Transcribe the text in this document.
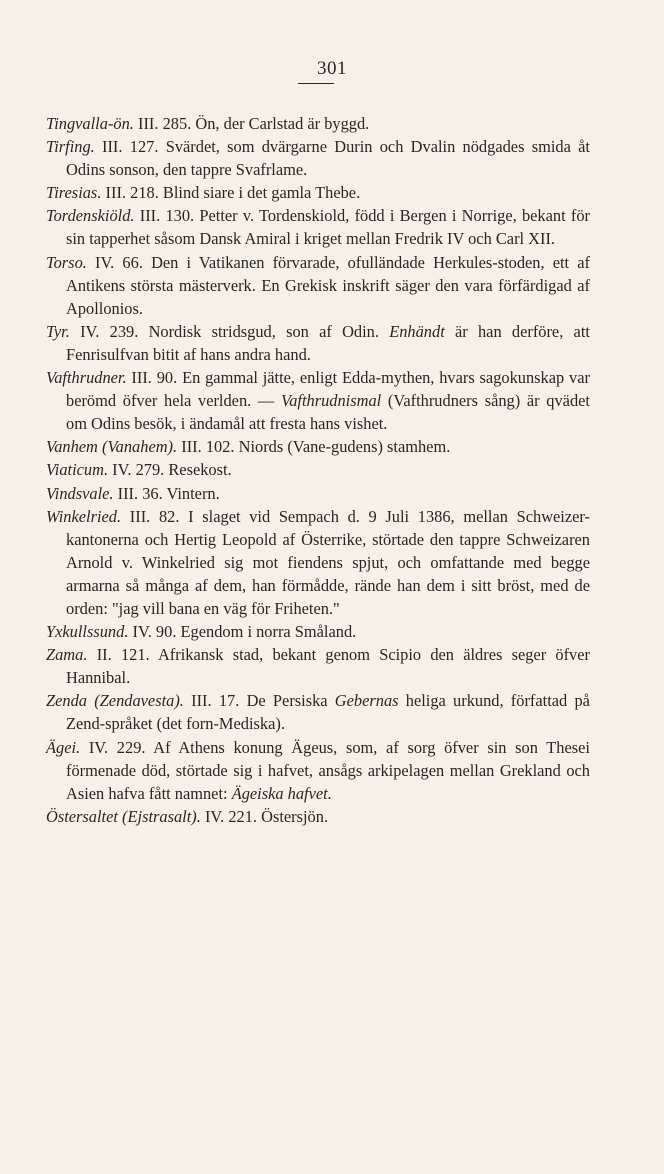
301

Tingvalla-ön. III. 285. Ön, der Carlstad är byggd.

Tirfing. III. 127. Svärdet, som dvärgarne Durin och Dvalin nödgades smida åt Odins sonson, den tappre Svafrlame.

Tiresias. III. 218. Blind siare i det gamla Thebe.

Tordenskiöld. III. 130. Petter v. Tordenskiold, född i Bergen i Norrige, bekant för sin tapperhet såsom Dansk Amiral i kriget mellan Fredrik IV och Carl XII.

Torso. IV. 66. Den i Vatikanen förvarade, ofulländade Herkules-stoden, ett af Antikens största mästerverk. En Grekisk inskrift säger den vara förfärdigad af Apollonios.

Tyr. IV. 239. Nordisk stridsgud, son af Odin. Enhändt är han derföre, att Fenrisulfvan bitit af hans andra hand.

Vafthrudner. III. 90. En gammal jätte, enligt Edda-mythen, hvars sagokunskap var berömd öfver hela verlden. — Vafthrudnismal (Vafthrudners sång) är qvädet om Odins besök, i ändamål att fresta hans vishet.

Vanhem (Vanahem). III. 102. Niords (Vane-gudens) stamhem.

Viaticum. IV. 279. Resekost.

Vindsvale. III. 36. Vintern.

Winkelried. III. 82. I slaget vid Sempach d. 9 Juli 1386, mellan Schweizer-kantonerna och Hertig Leopold af Österrike, störtade den tappre Schweizaren Arnold v. Winkelried sig mot fiendens spjut, och omfattande med begge armarna så många af dem, han förmådde, rände han dem i sitt bröst, med de orden: "jag vill bana en väg för Friheten."

Yxkullssund. IV. 90. Egendom i norra Småland.

Zama. II. 121. Afrikansk stad, bekant genom Scipio den äldres seger öfver Hannibal.

Zenda (Zendavesta). III. 17. De Persiska Gebernas heliga urkund, författad på Zend-språket (det forn-Mediska).

Ägei. IV. 229. Af Athens konung Ägeus, som, af sorg öfver sin son Thesei förmenade död, störtade sig i hafvet, ansågs arkipelagen mellan Grekland och Asien hafva fått namnet: Ägeiska hafvet.

Östersaltet (Ejstrasalt). IV. 221. Östersjön.
